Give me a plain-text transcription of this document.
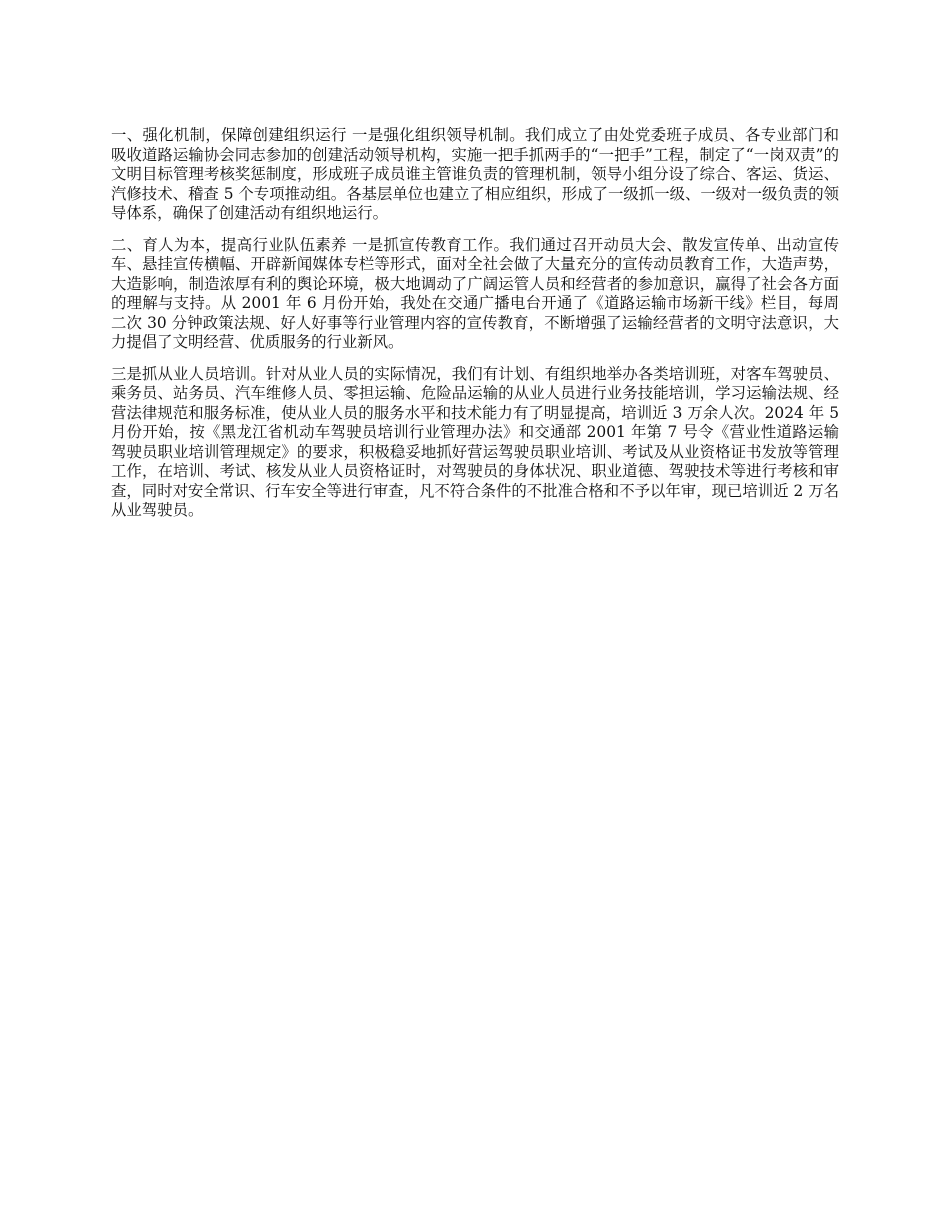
一、强化机制，保障创建组织运行 一是强化组织领导机制。我们成立了由处党委班子成员、各专业部门和吸收道路运输协会同志参加的创建活动领导机构，实施一把手抓两手的“一把手”工程，制定了“一岗双责”的文明目标管理考核奖惩制度，形成班子成员谁主管谁负责的管理机制，领导小组分设了综合、客运、货运、汽修技术、稽查 5 个专项推动组。各基层单位也建立了相应组织，形成了一级抓一级、一级对一级负责的领导体系，确保了创建活动有组织地运行。

二、育人为本，提高行业队伍素养 一是抓宣传教育工作。我们通过召开动员大会、散发宣传单、出动宣传车、悬挂宣传横幅、开辟新闻媒体专栏等形式，面对全社会做了大量充分的宣传动员教育工作，大造声势，大造影响，制造浓厚有利的舆论环境，极大地调动了广阔运管人员和经营者的参加意识，赢得了社会各方面的理解与支持。从 2001 年 6 月份开始，我处在交通广播电台开通了《道路运输市场新干线》栏目，每周二次 30 分钟政策法规、好人好事等行业管理内容的宣传教育，不断增强了运输经营者的文明守法意识，大力提倡了文明经营、优质服务的行业新风。

三是抓从业人员培训。针对从业人员的实际情况，我们有计划、有组织地举办各类培训班，对客车驾驶员、乘务员、站务员、汽车维修人员、零担运输、危险品运输的从业人员进行业务技能培训，学习运输法规、经营法律规范和服务标准，使从业人员的服务水平和技术能力有了明显提高，培训近 3 万余人次。2024 年 5 月份开始，按《黑龙江省机动车驾驶员培训行业管理办法》和交通部 2001 年第 7 号令《营业性道路运输驾驶员职业培训管理规定》的要求，积极稳妥地抓好营运驾驶员职业培训、考试及从业资格证书发放等管理工作，在培训、考试、核发从业人员资格证时，对驾驶员的身体状况、职业道德、驾驶技术等进行考核和审查，同时对安全常识、行车安全等进行审查，凡不符合条件的不批准合格和不予以年审，现已培训近 2 万名从业驾驶员。
